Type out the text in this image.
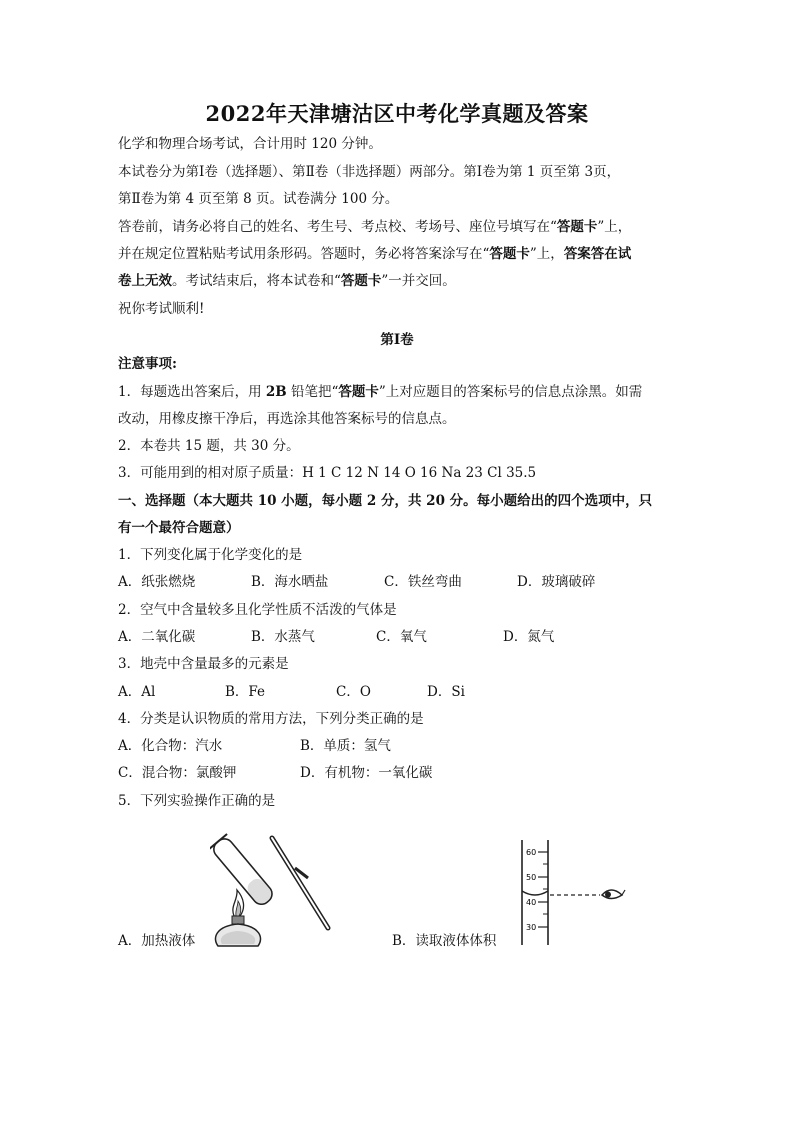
2022年天津塘沽区中考化学真题及答案
化学和物理合场考试，合计用时 120 分钟。
本试卷分为第Ⅰ卷（选择题）、第Ⅱ卷（非选择题）两部分。第Ⅰ卷为第 1 页至第 3页，
第Ⅱ卷为第 4 页至第 8 页。试卷满分 100 分。
答卷前，请务必将自己的姓名、考生号、考点校、考场号、座位号填写在“答题卡”上，
并在规定位置粘贴考试用条形码。答题时，务必将答案涂写在“答题卡”上，答案答在试
卷上无效。考试结束后，将本试卷和“答题卡”一并交回。
祝你考试顺利!
第Ⅰ卷
注意事项:
1．每题选出答案后，用 2B 铅笔把“答题卡”上对应题目的答案标号的信息点涂黑。如需
改动，用橡皮擦干净后，再选涂其他答案标号的信息点。
2．本卷共 15 题，共 30 分。
3．可能用到的相对原子质量：H 1 C 12 N 14 O 16 Na 23 Cl 35.5
一、选择题（本大题共 10 小题，每小题 2 分，共 20 分。每小题给出的四个选项中，只
有一个最符合题意）
1．下列变化属于化学变化的是
A．纸张燃烧	B．海水晒盐	C．铁丝弯曲	D．玻璃破碎
2．空气中含量较多且化学性质不活泼的气体是
A．二氧化碳	B．水蒸气	C．氧气	D．氮气
3．地壳中含量最多的元素是
A．Al	B．Fe	C．O	D．Si
4．分类是认识物质的常用方法，下列分类正确的是
A．化合物：汽水	B．单质：氢气
C．混合物：氯酸钾	D．有机物：一氧化碳
5．下列实验操作正确的是
A．加热液体
60
50
40
30
B．读取液体体积
